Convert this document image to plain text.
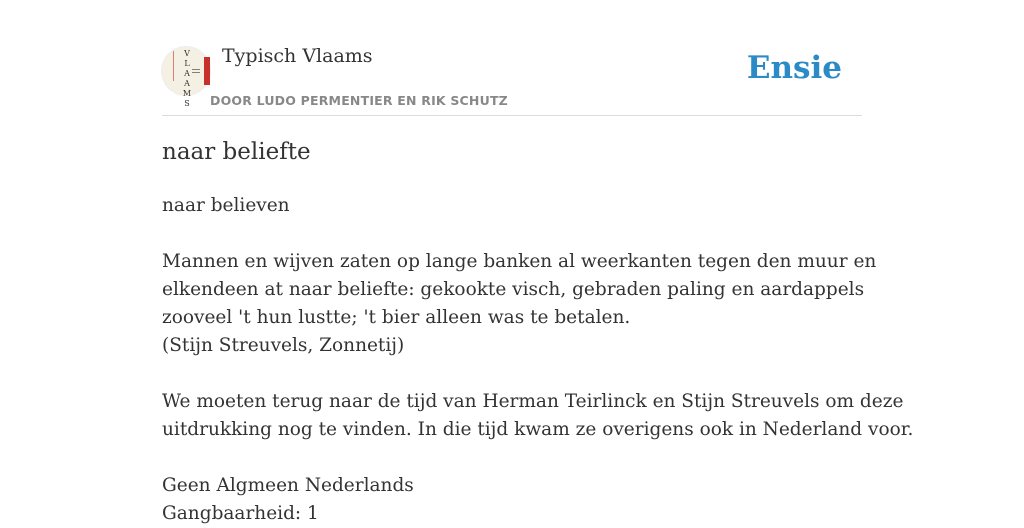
V
L
A
A
M
S
Typisch Vlaams
DOOR LUDO PERMENTIER EN RIK SCHUTZ
Ensie
naar beliefte

naar believen

Mannen en wijven zaten op lange banken al weerkanten tegen den muur en

elkendeen at naar beliefte: gekookte visch, gebraden paling en aardappels

zooveel 't hun lustte; 't bier alleen was te betalen.

(Stijn Streuvels, Zonnetij)

We moeten terug naar de tijd van Herman Teirlinck en Stijn Streuvels om deze

uitdrukking nog te vinden. In die tijd kwam ze overigens ook in Nederland voor.

Geen Algmeen Nederlands

Gangbaarheid: 1
